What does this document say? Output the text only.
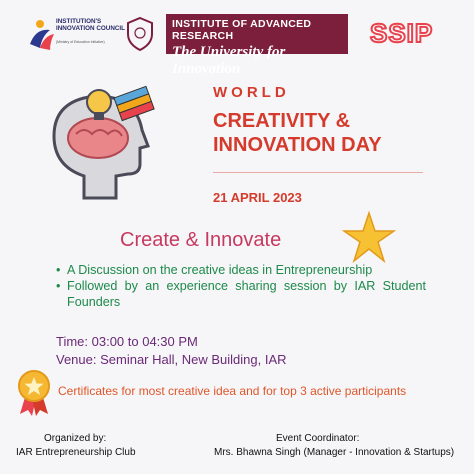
INSTITUTION'S INNOVATION COUNCIL
(Ministry of Education Initiative)
INSTITUTE OF ADVANCED RESEARCH
The University for Innovation
SSIP
WORLD
CREATIVITY &
INNOVATION DAY
21 APRIL 2023
Create & Innovate
• A Discussion on the creative ideas in Entrepreneurship
• Followed by an experience sharing session by IAR Student Founders
Time: 03:00 to 04:30 PM
Venue: Seminar Hall, New Building, IAR
Certificates for most creative idea and for top 3 active participants
Organized by:
IAR Entrepreneurship Club
Event Coordinator:
Mrs. Bhawna Singh (Manager - Innovation & Startups)
